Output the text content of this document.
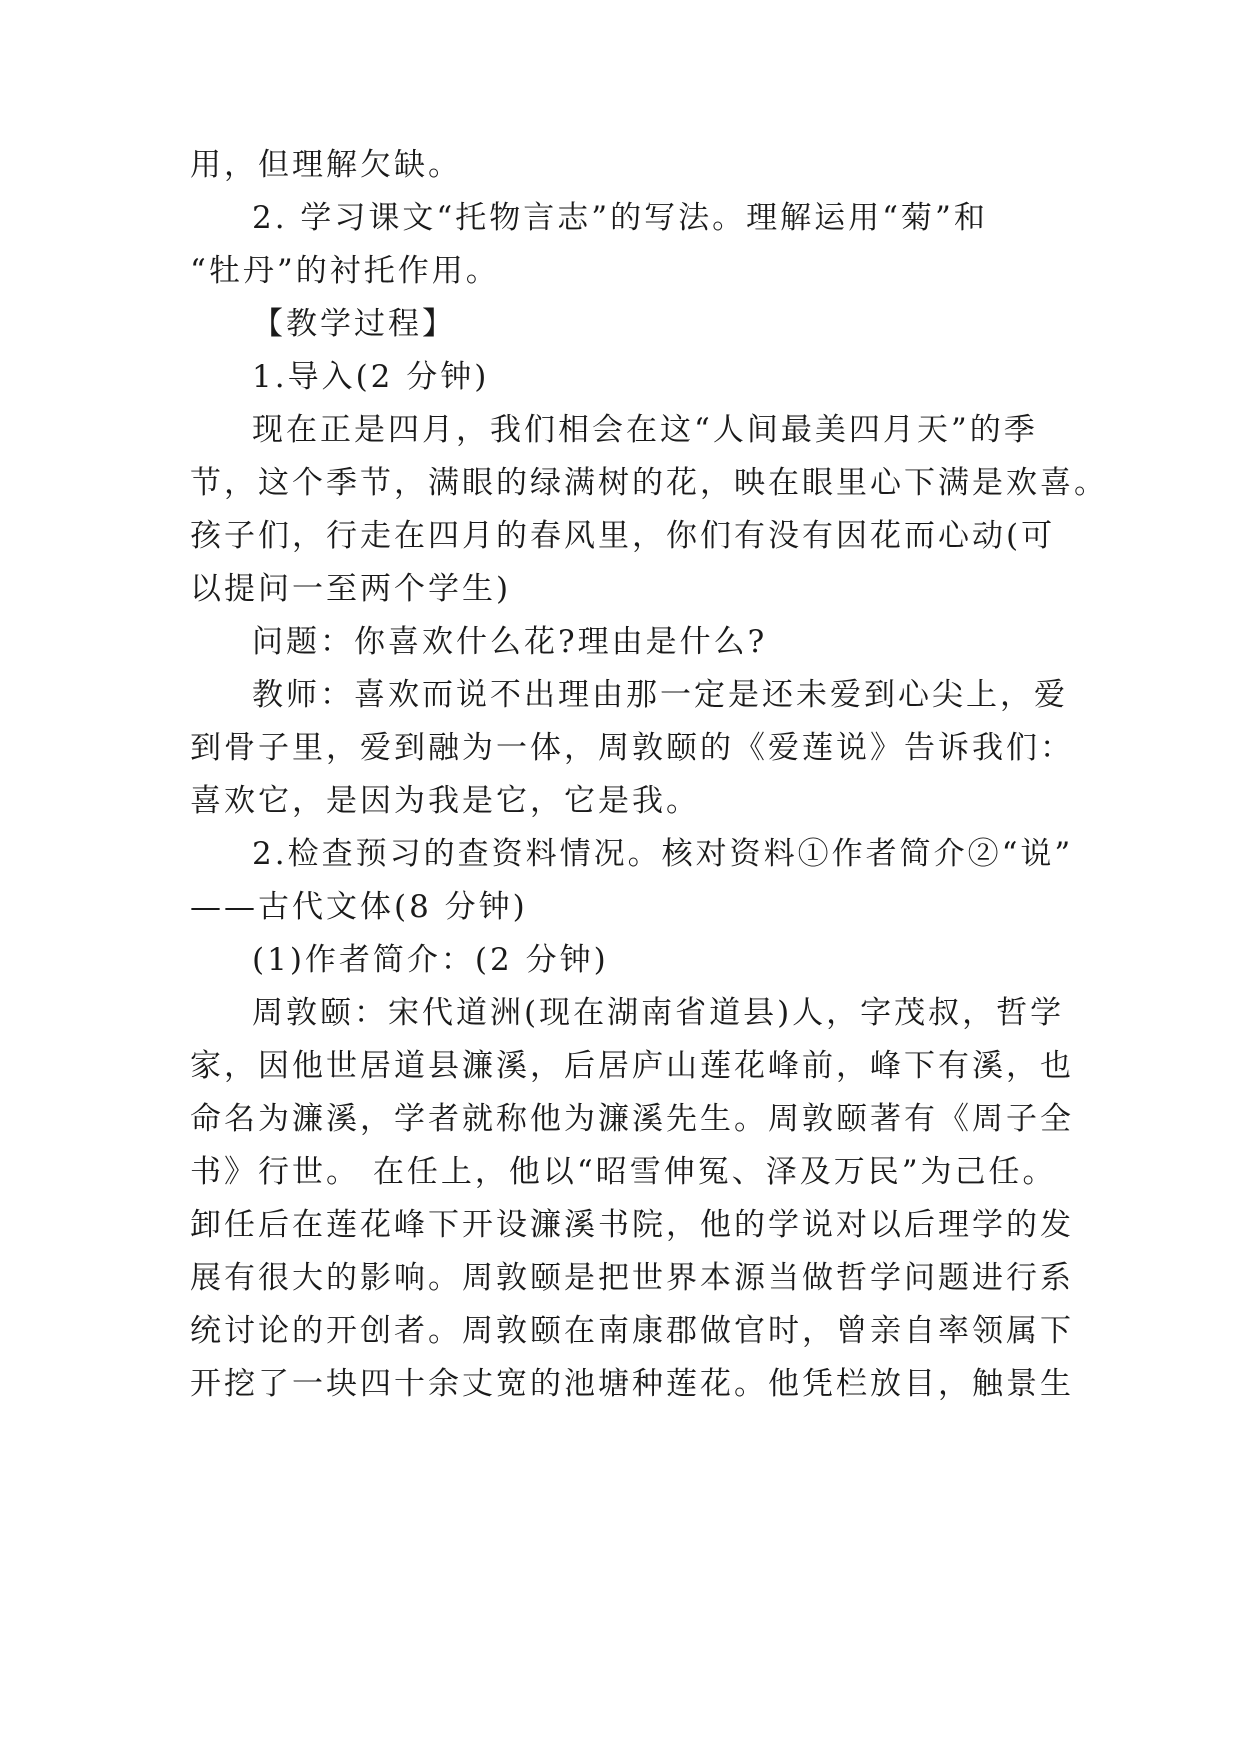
用，但理解欠缺。
2. 学习课文“托物言志”的写法。理解运用“菊”和
“牡丹”的衬托作用。
【教学过程】
1.导入(2 分钟)
现在正是四月，我们相会在这“人间最美四月天”的季
节，这个季节，满眼的绿满树的花，映在眼里心下满是欢喜。
孩子们，行走在四月的春风里，你们有没有因花而心动(可
以提问一至两个学生)
问题：你喜欢什么花?理由是什么?
教师：喜欢而说不出理由那一定是还未爱到心尖上，爱
到骨子里，爱到融为一体，周敦颐的《爱莲说》告诉我们：
喜欢它，是因为我是它，它是我。
2.检查预习的查资料情况。核对资料①作者简介②“说”
——古代文体(8 分钟)
(1)作者简介：(2 分钟)
周敦颐：宋代道洲(现在湖南省道县)人，字茂叔，哲学
家，因他世居道县濂溪，后居庐山莲花峰前，峰下有溪，也
命名为濂溪，学者就称他为濂溪先生。周敦颐著有《周子全
书》行世。 在任上，他以“昭雪伸冤、泽及万民”为己任。
卸任后在莲花峰下开设濂溪书院，他的学说对以后理学的发
展有很大的影响。周敦颐是把世界本源当做哲学问题进行系
统讨论的开创者。周敦颐在南康郡做官时，曾亲自率领属下
开挖了一块四十余丈宽的池塘种莲花。他凭栏放目，触景生
